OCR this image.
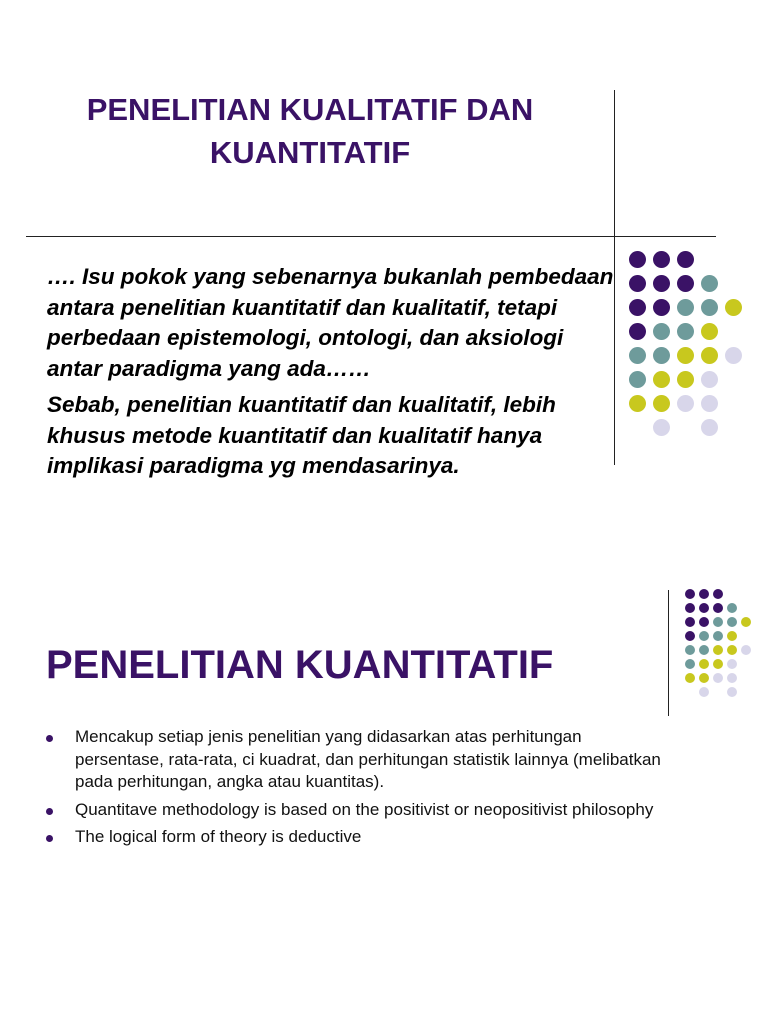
PENELITIAN KUALITATIF DAN KUANTITATIF

…. Isu pokok yang sebenarnya bukanlah pembedaan antara penelitian kuantitatif dan kualitatif, tetapi perbedaan epistemologi, ontologi, dan aksiologi antar paradigma yang ada……

Sebab, penelitian kuantitatif dan kualitatif, lebih khusus metode kuantitatif dan kualitatif hanya implikasi paradigma yg mendasarinya.

PENELITIAN KUANTITATIF
Mencakup setiap jenis penelitian yang didasarkan atas perhitungan persentase, rata-rata, ci kuadrat, dan perhitungan statistik lainnya (melibatkan pada perhitungan, angka atau kuantitas).
Quantitave methodology is based on the positivist or neopositivist philosophy
The logical form of theory is deductive
